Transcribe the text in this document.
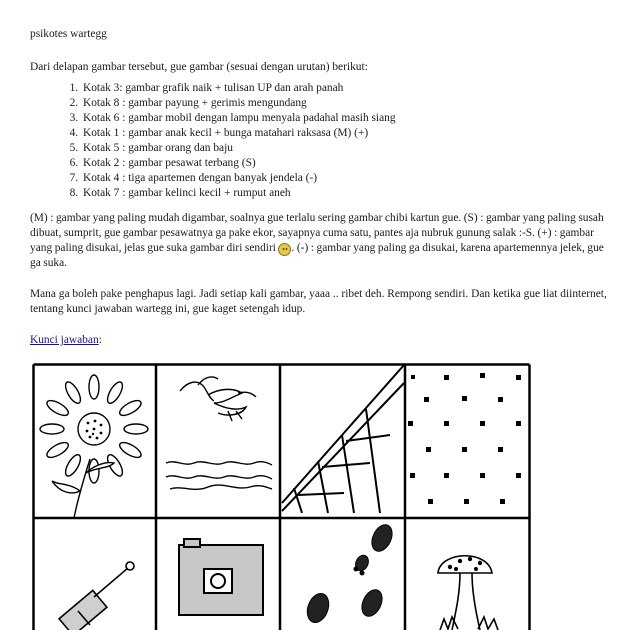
psikotes wartegg

Dari delapan gambar tersebut, gue gambar (sesuai dengan urutan) berikut:

1. Kotak 3: gambar grafik naik + tulisan UP dan arah panah
2. Kotak 8 : gambar payung + gerimis mengundang
3. Kotak 6 : gambar mobil dengan lampu menyala padahal masih siang
4. Kotak 1 : gambar anak kecil + bunga matahari raksasa (M) (+)
5. Kotak 5 : gambar orang dan baju
6. Kotak 2 : gambar pesawat terbang (S)
7. Kotak 4 : tiga apartemen dengan banyak jendela (-)
8. Kotak 7 : gambar kelinci kecil + rumput aneh

(M) : gambar yang paling mudah digambar, soalnya gue terlalu sering gambar chibi kartun gue. (S) : gambar yang paling susah dibuat, sumprit, gue gambar pesawatnya ga pake ekor, sayapnya cuma satu, pantes aja nubruk gunung salak :-S. (+) : gambar yang paling disukai, jelas gue suka gambar diri sendiri •• . (-) : gambar yang paling ga disukai, karena apartemennya jelek, gue ga suka.

Mana ga boleh pake penghapus lagi. Jadi setiap kali gambar, yaaa .. ribet deh. Rempong sendiri. Dan ketika gue liat diinternet, tentang kunci jawaban wartegg ini, gue kaget setengah idup.

Kunci jawaban:
